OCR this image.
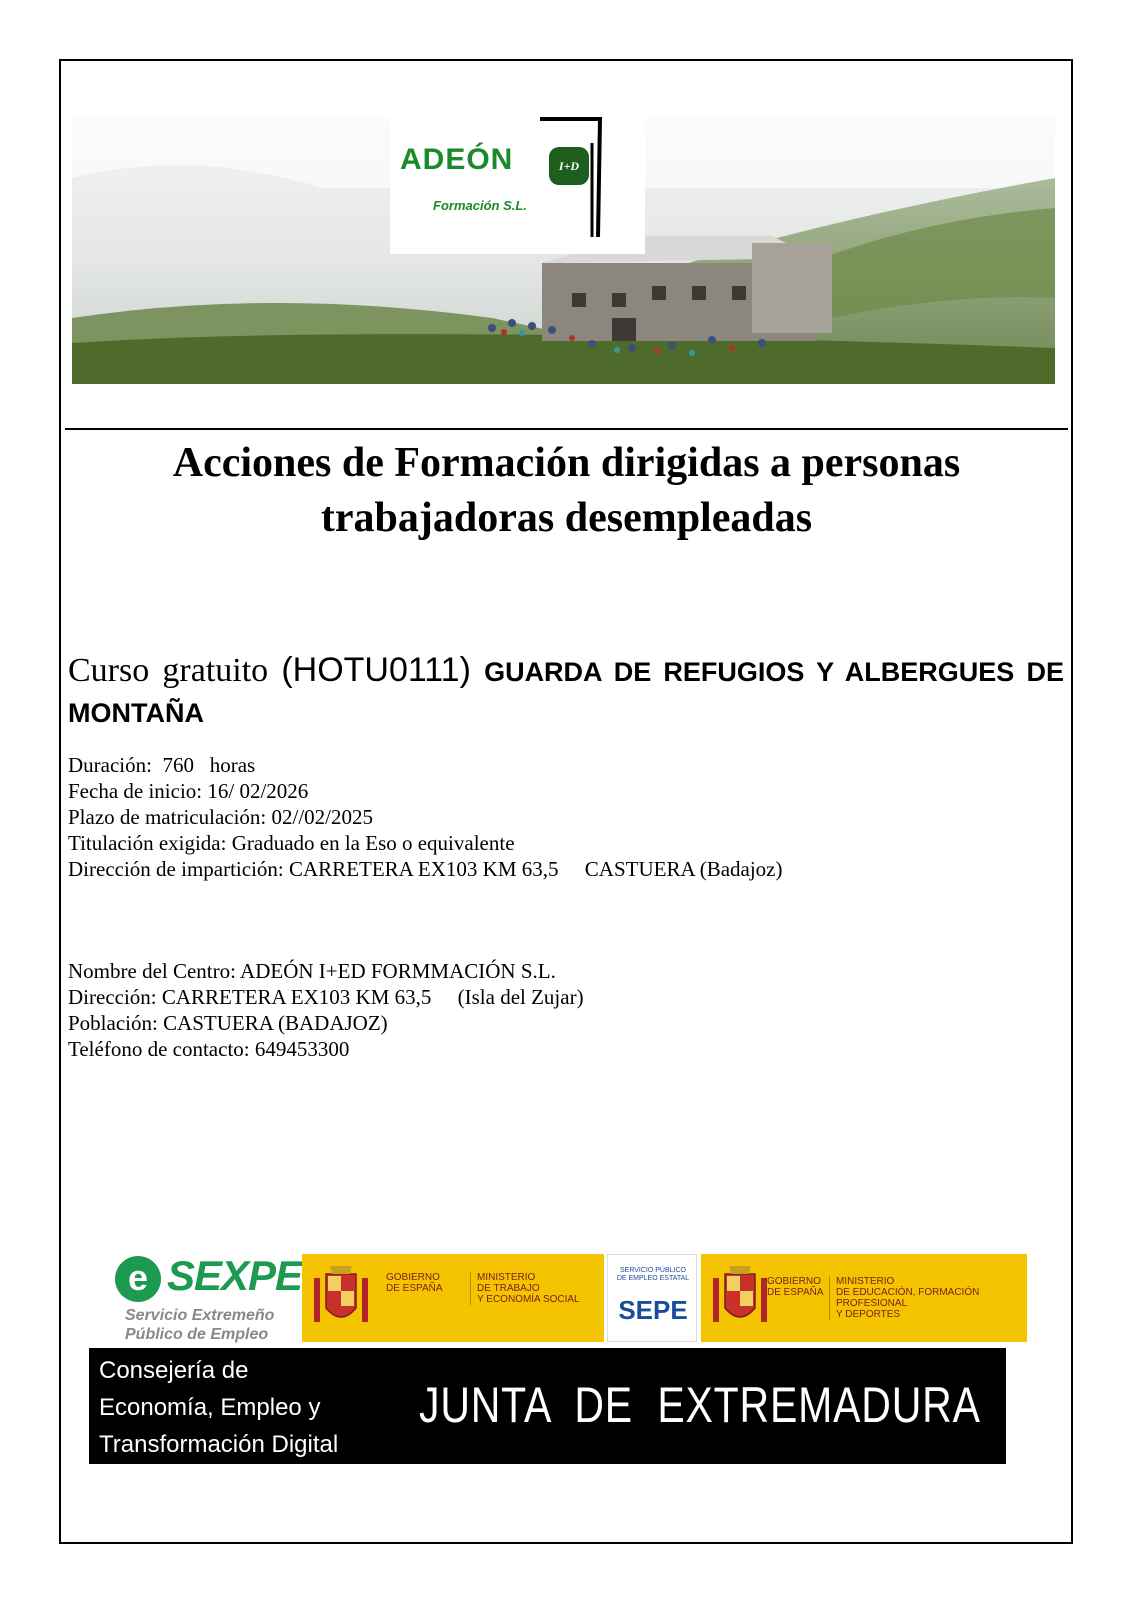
ADEÓN	I+D
Formación S.L.
Acciones de Formación dirigidas a personas
trabajadoras desempleadas
Curso gratuito (HOTU0111) GUARDA DE REFUGIOS Y ALBERGUES DE MONTAÑA
Duración:  760   horas
Fecha de inicio: 16/ 02/2026
Plazo de matriculación: 02//02/2025
Titulación exigida: Graduado en la Eso o equivalente
Dirección de impartición: CARRETERA EX103 KM 63,5     CASTUERA (Badajoz)
Nombre del Centro: ADEÓN I+ED FORMMACIÓN S.L.
Dirección: CARRETERA EX103 KM 63,5     (Isla del Zujar)
Población: CASTUERA (BADAJOZ)
Teléfono de contacto: 649453300
e SEXPE
Servicio Extremeño
Público de Empleo
GOBIERNO
DE ESPAÑA
MINISTERIO
DE TRABAJO
Y ECONOMÍA SOCIAL
SERVICIO PÚBLICO
DE EMPLEO ESTATAL
SEPE
GOBIERNO
DE ESPAÑA
MINISTERIO
DE EDUCACIÓN, FORMACIÓN PROFESIONAL
Y DEPORTES
Consejería de
Economía, Empleo y
Transformación Digital
JUNTA  DE  EXTREMADURA
